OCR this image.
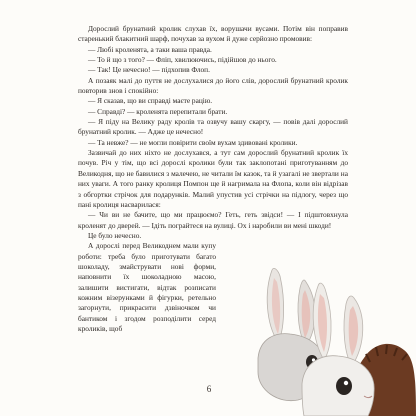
Дорослий брунатний кролик слухав їх, ворушачи вусами. Потім він поправив старенький блакитний шарф, почухав за вухом й дуже серйозно промовив:

— Любі кроленята, а таки ваша правда.

— То й що з того? — Фліп, хвилюючись, підійшов до нього.

— Так! Це нечесно! — підхопив Флоп.

А позаяк малі до пуття не дослухалися до його слів, дорослий брунатний кролик повторив знов і спокійно:

— Я сказав, що ви справді маєте рацію.

— Справді? — кроленята перепитали брати.

— Я піду на Велику раду кролів та озвучу вашу скаргу, — повів далі дорослий брунатний кролик. — Адже це нечесно!

— Та невже? — не могли повірити своїм вухам здивовані кролики.

Зазвичай до них ніхто не дослухався, а тут сам дорослий брунатний кролик їх почув. Річ у тім, що всі дорослі кролики були так заклопотані приготуванням до Великодня, що не бавилися з малечею, не читали їм казок, та й узагалі не звертали на них уваги. А того ранку кролиця Помпон ще й нагримала на Флопа, коли він відрізав з обгортки стрічок для подарунків. Малий упустив усі стрічки на підлогу, через що пані кролиця насварилася:

— Чи ви не бачите, що ми працюємо? Геть, геть звідси! — І підштовхнула кроленят до дверей. — Ідіть пограйтеся на вулиці. Ох і наробили ви мені шкоди!

Це було нечесно.

А дорослі перед Великоднем мали купу роботи: треба було приготувати багато шоколаду, змайструвати нові форми, наповнити їх шоколадною масою, залишити вистигати, відтак розписати кожним візерунками й фігурки, ретельно загорнути, прикрасити дзвіночком чи бантиком і згодом розподілити серед кроликів, щоб

6
